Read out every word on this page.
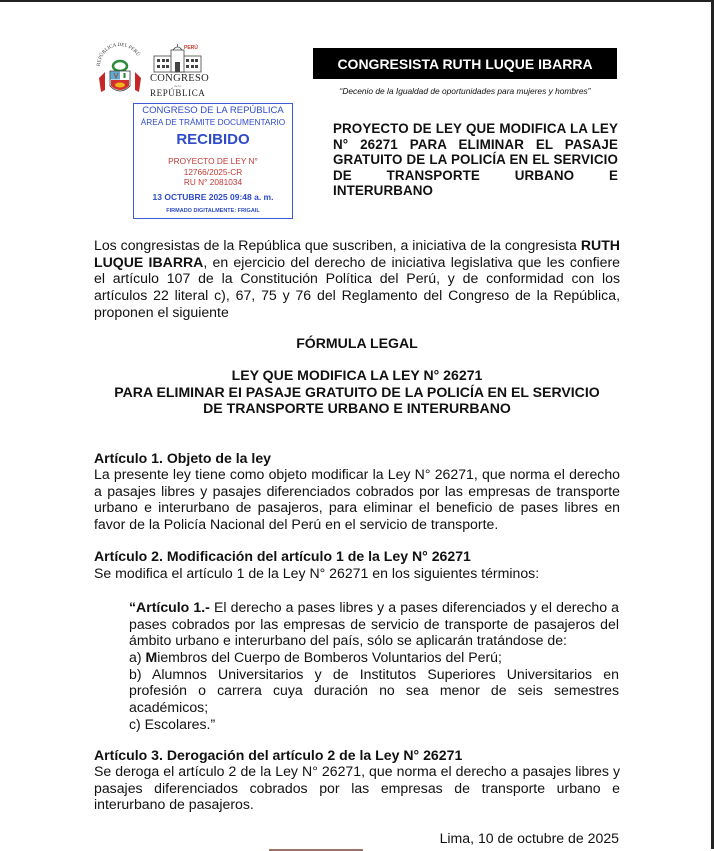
REPÚBLICA DEL PERÚ
PERÚ
CONGRESO
de la
REPÚBLICA
CONGRESO DE LA REPÚBLICA
ÁREA DE TRÁMITE DOCUMENTARIO
RECIBIDO
PROYECTO DE LEY N°
12766/2025-CR
RU N° 2081034
13 OCTUBRE 2025 09:48 a. m.
FIRMADO DIGITALMENTE: FRIGAIL
CONGRESISTA RUTH LUQUE IBARRA
“Decenio de la Igualdad de oportunidades para mujeres y hombres”
PROYECTO DE LEY QUE MODIFICA LA LEY N° 26271 PARA ELIMINAR EL PASAJE GRATUITO DE LA POLICÍA EN EL SERVICIO DE TRANSPORTE URBANO E INTERURBANO
Los congresistas de la República que suscriben, a iniciativa de la congresista RUTH LUQUE IBARRA, en ejercicio del derecho de iniciativa legislativa que les confiere el artículo 107 de la Constitución Política del Perú, y de conformidad con los artículos 22 literal c), 67, 75 y 76 del Reglamento del Congreso de la República, proponen el siguiente
FÓRMULA LEGAL
LEY QUE MODIFICA LA LEY N° 26271
PARA ELIMINAR EI PASAJE GRATUITO DE LA POLICÍA EN EL SERVICIO
DE TRANSPORTE URBANO E INTERURBANO
Artículo 1. Objeto de la ley
La presente ley tiene como objeto modificar la Ley N° 26271, que norma el derecho a pasajes libres y pasajes diferenciados cobrados por las empresas de transporte urbano e interurbano de pasajeros, para eliminar el beneficio de pases libres en favor de la Policía Nacional del Perú en el servicio de transporte.
Artículo 2. Modificación del artículo 1 de la Ley N° 26271
Se modifica el artículo 1 de la Ley N° 26271 en los siguientes términos:
“Artículo 1.- El derecho a pases libres y a pases diferenciados y el derecho a pases cobrados por las empresas de servicio de transporte de pasajeros del ámbito urbano e interurbano del país, sólo se aplicarán tratándose de:
a) Miembros del Cuerpo de Bomberos Voluntarios del Perú;
b) Alumnos Universitarios y de Institutos Superiores Universitarios en profesión o carrera cuya duración no sea menor de seis semestres académicos;
c) Escolares.”
Artículo 3. Derogación del artículo 2 de la Ley N° 26271
Se deroga el artículo 2 de la Ley N° 26271, que norma el derecho a pasajes libres y pasajes diferenciados cobrados por las empresas de transporte urbano e interurbano de pasajeros.
Lima, 10 de octubre de 2025
